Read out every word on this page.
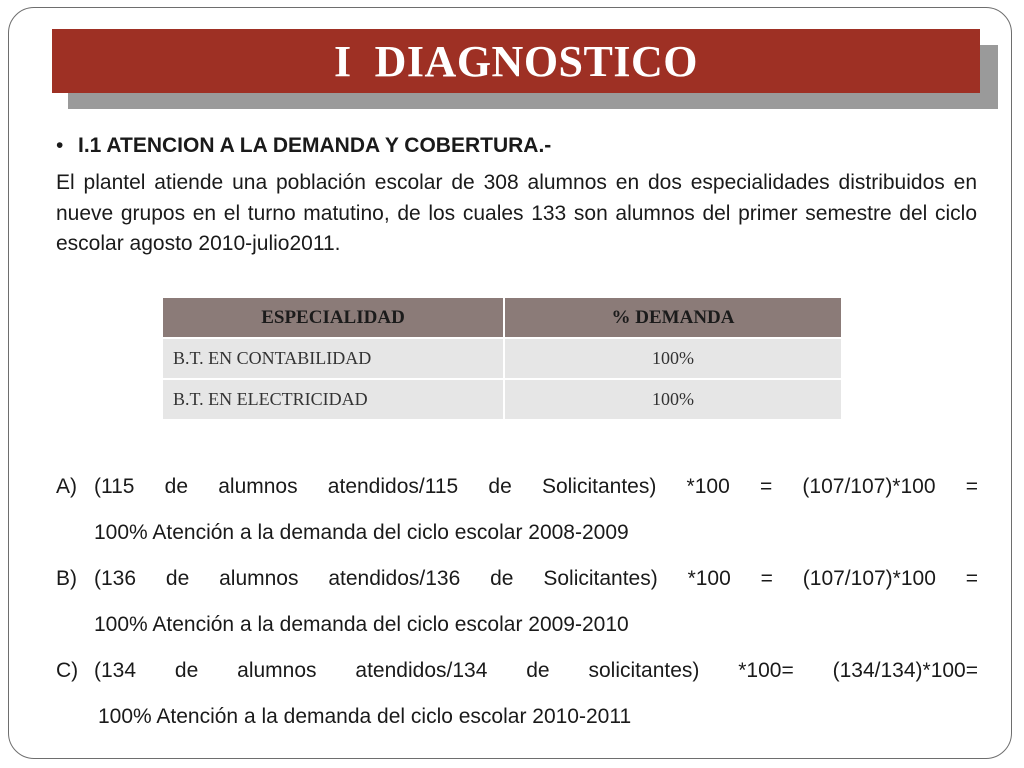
I  DIAGNOSTICO
• I.1 ATENCION A LA DEMANDA Y COBERTURA.-
El plantel atiende una población escolar de 308 alumnos en dos especialidades distribuidos en nueve grupos en el turno matutino, de los cuales 133 son alumnos del primer semestre del ciclo escolar agosto 2010-julio2011.
ESPECIALIDAD	% DEMANDA
B.T. EN CONTABILIDAD	100%
B.T. EN ELECTRICIDAD	100%
A) (115 de alumnos atendidos/115 de Solicitantes) *100 = (107/107)*100 =
100% Atención a la demanda del ciclo escolar 2008-2009
B) (136 de alumnos atendidos/136 de Solicitantes) *100 = (107/107)*100 =
100% Atención a la demanda del ciclo escolar 2009-2010
C) (134 de alumnos atendidos/134 de solicitantes) *100= (134/134)*100=
100% Atención a la demanda del ciclo escolar 2010-2011
